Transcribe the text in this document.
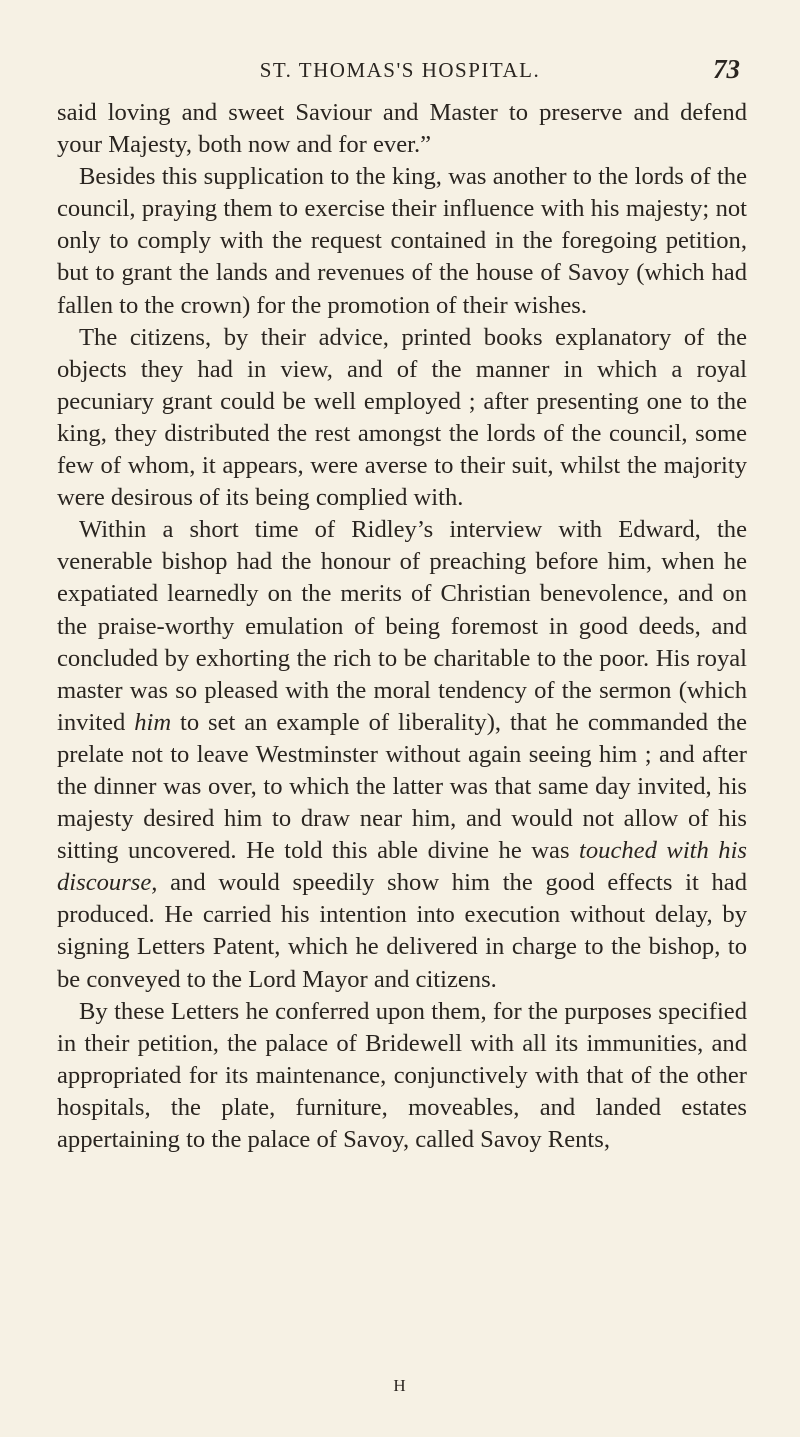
ST. THOMAS'S HOSPITAL.	73

said loving and sweet Saviour and Master to preserve and defend your Majesty, both now and for ever.”

Besides this supplication to the king, was another to the lords of the council, praying them to exercise their influence with his majesty; not only to comply with the request contained in the foregoing petition, but to grant the lands and revenues of the house of Savoy (which had fallen to the crown) for the promotion of their wishes.

The citizens, by their advice, printed books explanatory of the objects they had in view, and of the manner in which a royal pecuniary grant could be well employed ; after presenting one to the king, they distributed the rest amongst the lords of the council, some few of whom, it appears, were averse to their suit, whilst the majority were desirous of its being complied with.

Within a short time of Ridley’s interview with Edward, the venerable bishop had the honour of preaching before him, when he expatiated learnedly on the merits of Christian benevolence, and on the praise-worthy emulation of being foremost in good deeds, and concluded by exhorting the rich to be charitable to the poor. His royal master was so pleased with the moral tendency of the sermon (which invited him to set an example of liberality), that he commanded the prelate not to leave Westminster without again seeing him ; and after the dinner was over, to which the latter was that same day invited, his majesty desired him to draw near him, and would not allow of his sitting uncovered. He told this able divine he was touched with his discourse, and would speedily show him the good effects it had produced. He carried his intention into execution without delay, by signing Letters Patent, which he delivered in charge to the bishop, to be conveyed to the Lord Mayor and citizens.

By these Letters he conferred upon them, for the purposes specified in their petition, the palace of Bridewell with all its immunities, and appropriated for its maintenance, conjunctively with that of the other hospitals, the plate, furniture, moveables, and landed estates appertaining to the palace of Savoy, called Savoy Rents,

H
